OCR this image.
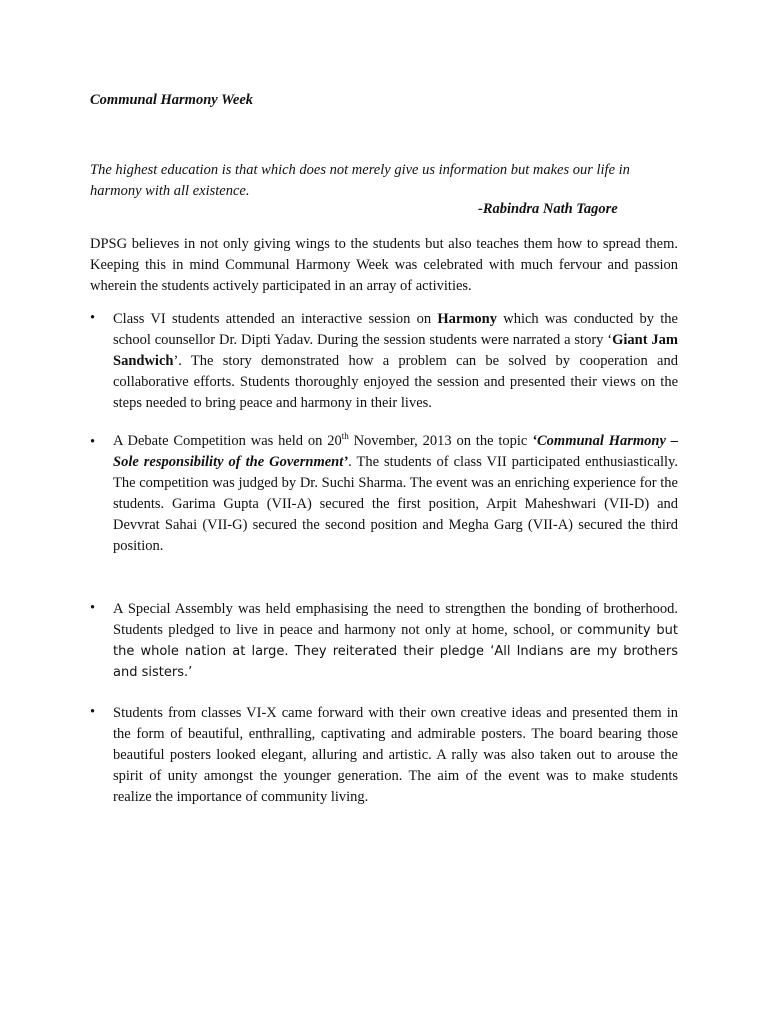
Communal Harmony Week
The highest education is that which does not merely give us information but makes our life in harmony with all existence.
-Rabindra Nath Tagore
DPSG believes in not only giving wings to the students but also teaches them how to spread them. Keeping this in mind Communal Harmony Week was celebrated with much fervour and passion wherein the students actively participated in an array of activities.
•	Class VI students attended an interactive session on Harmony which was conducted by the school counsellor Dr. Dipti Yadav. During the session students were narrated a story ‘Giant Jam Sandwich’. The story demonstrated how a problem can be solved by cooperation and collaborative efforts. Students thoroughly enjoyed the session and presented their views on the steps needed to bring peace and harmony in their lives.
•	A Debate Competition was held on 20th November, 2013 on the topic ‘Communal Harmony – Sole responsibility of the Government’. The students of class VII participated enthusiastically. The competition was judged by Dr. Suchi Sharma. The event was an enriching experience for the students. Garima Gupta (VII-A) secured the first position, Arpit Maheshwari (VII-D) and Devvrat Sahai (VII-G) secured the second position and Megha Garg (VII-A) secured the third position.
•	A Special Assembly was held emphasising the need to strengthen the bonding of brotherhood. Students pledged to live in peace and harmony not only at home, school, or community but the whole nation at large. They reiterated their pledge ‘All Indians are my brothers and sisters.’
•	Students from classes VI-X came forward with their own creative ideas and presented them in the form of beautiful, enthralling, captivating and admirable posters. The board bearing those beautiful posters looked elegant, alluring and artistic. A rally was also taken out to arouse the spirit of unity amongst the younger generation. The aim of the event was to make students realize the importance of community living.
